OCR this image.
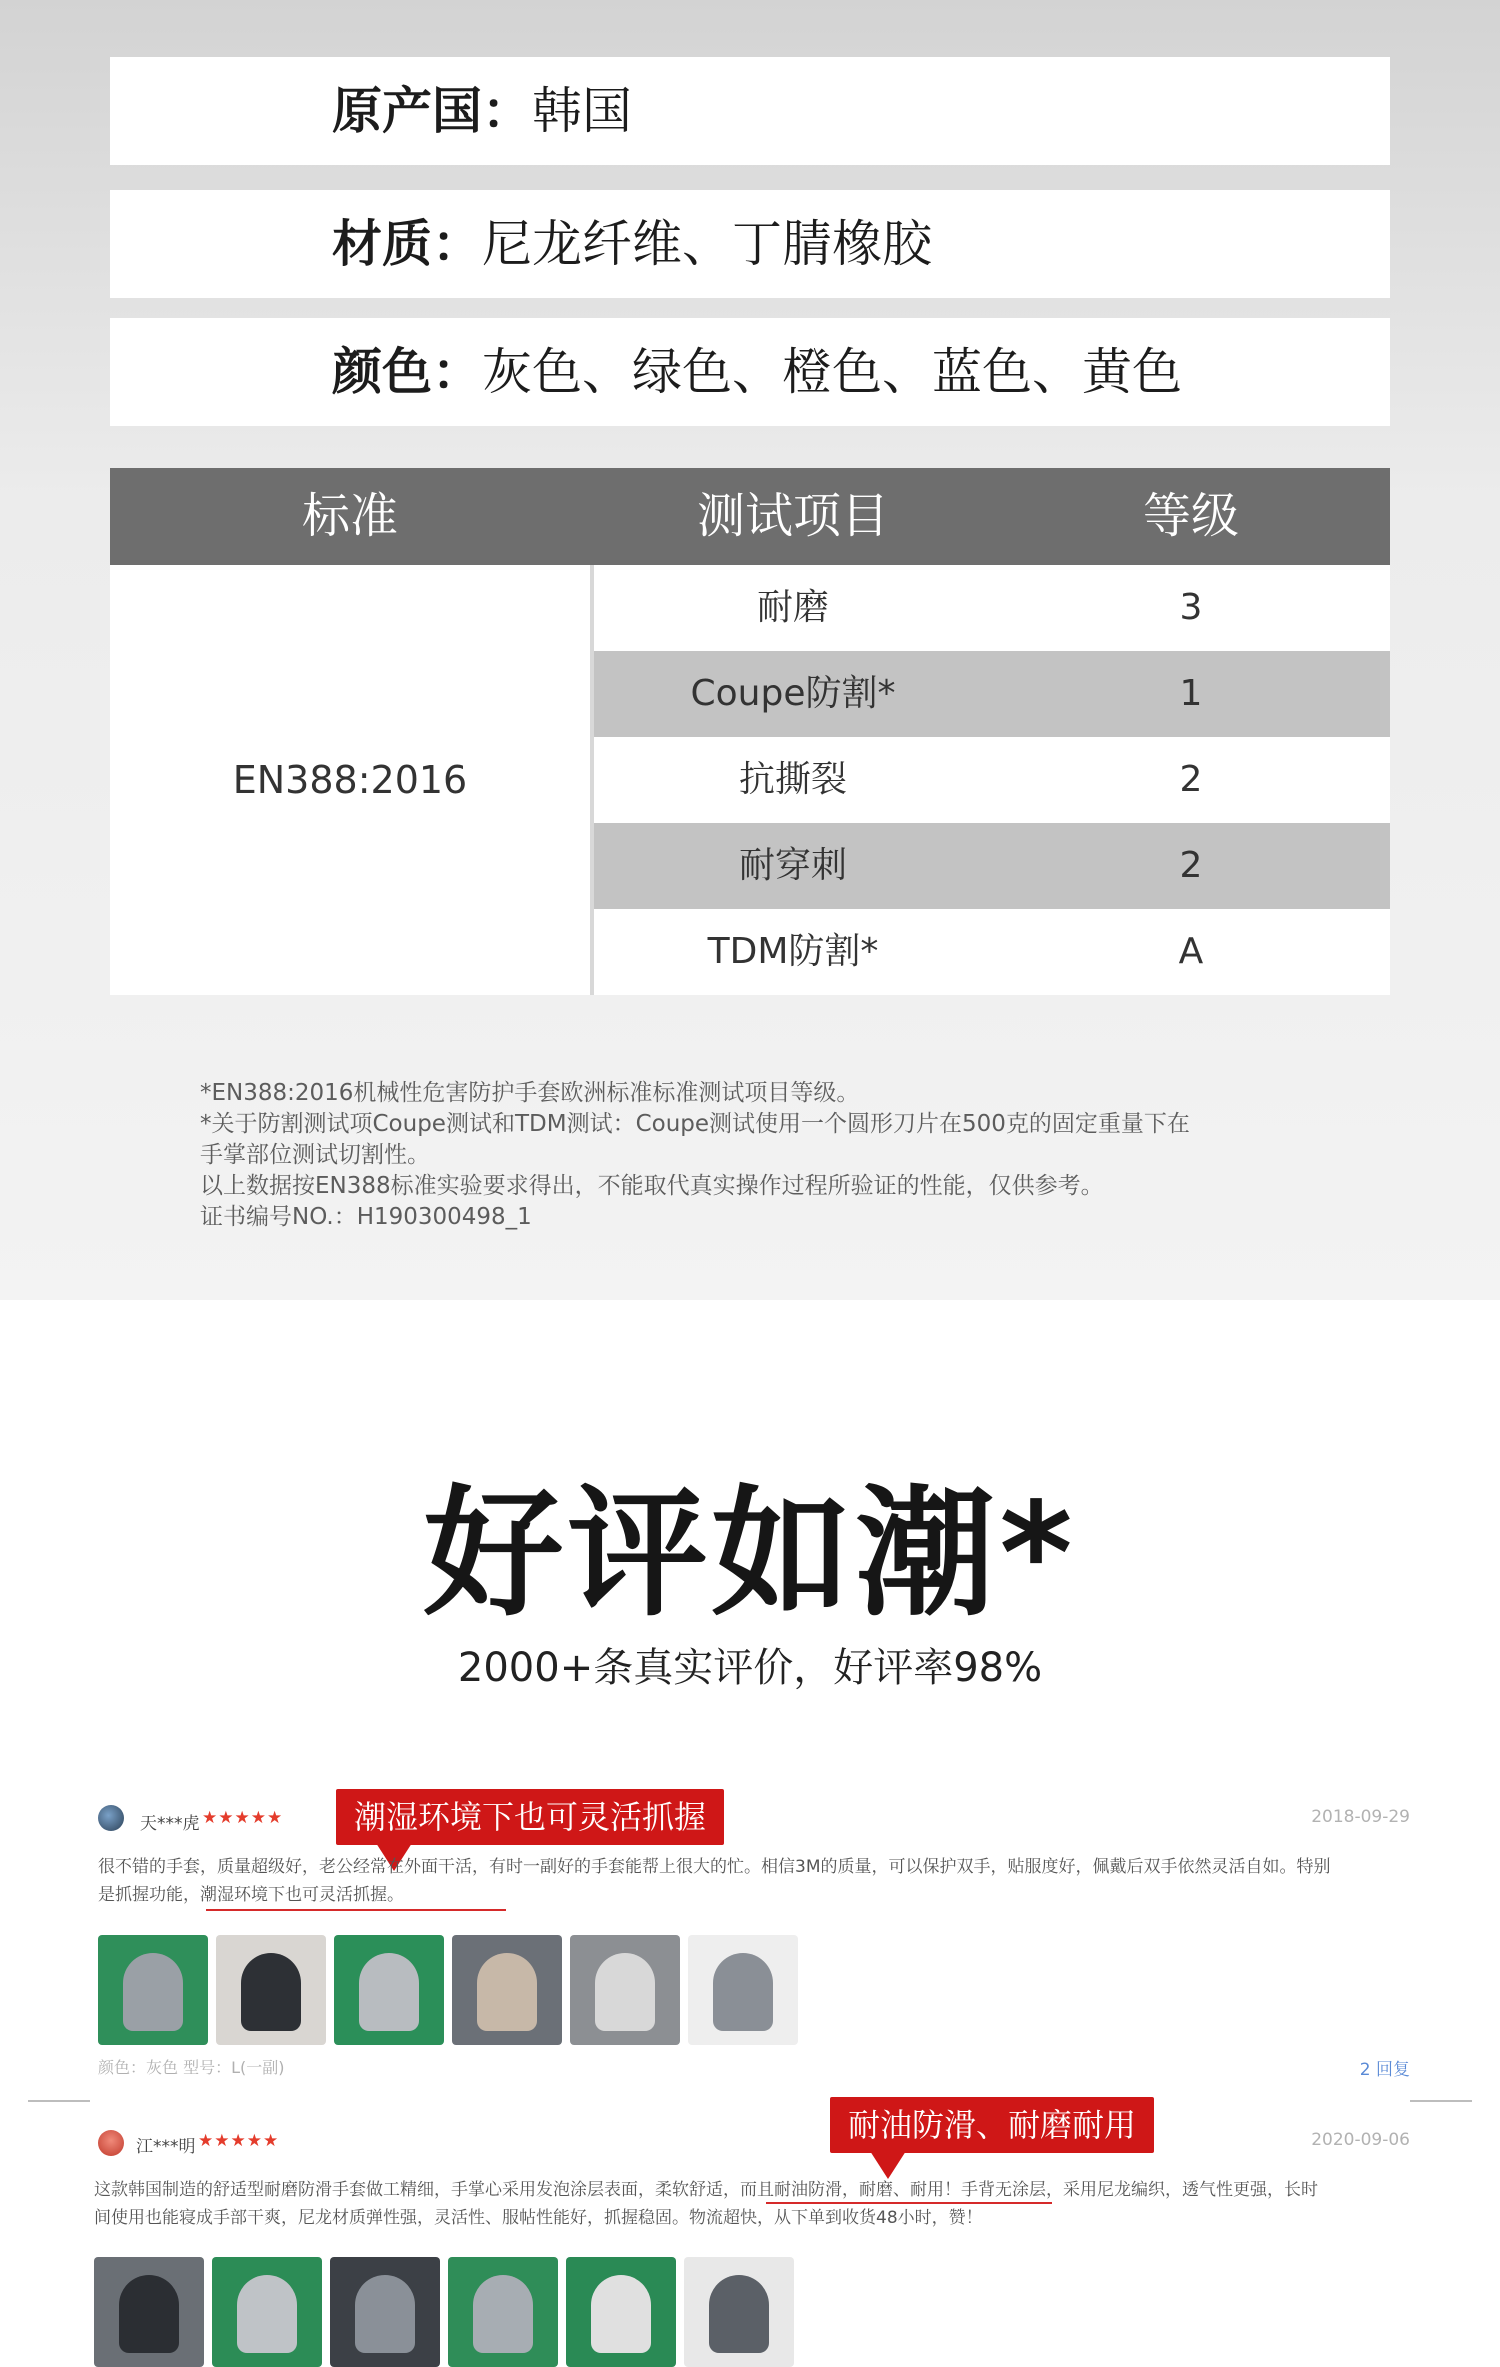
原产国：韩国
材质：尼龙纤维、丁腈橡胶
颜色：灰色、绿色、橙色、蓝色、黄色
标准	测试项目	等级
EN388:2016
耐磨	3
Coupe防割*	1
抗撕裂	2
耐穿刺	2
TDM防割*	A
*EN388:2016机械性危害防护手套欧洲标准标准测试项目等级。
*关于防割测试项Coupe测试和TDM测试：Coupe测试使用一个圆形刀片在500克的固定重量下在
手掌部位测试切割性。
以上数据按EN388标准实验要求得出，不能取代真实操作过程所验证的性能，仅供参考。
证书编号NO.：H190300498_1
好评如潮*
2000+条真实评价，好评率98%
天***虎 ★★★★★	2018-09-29
潮湿环境下也可灵活抓握
很不错的手套，质量超级好，老公经常在外面干活，有时一副好的手套能帮上很大的忙。相信3M的质量，可以保护双手，贴服度好，佩戴后双手依然灵活自如。特别
是抓握功能，潮湿环境下也可灵活抓握。
颜色：灰色 型号：L(一副)	2 回复
江***明 ★★★★★	2020-09-06
耐油防滑、耐磨耐用
这款韩国制造的舒适型耐磨防滑手套做工精细，手掌心采用发泡涂层表面，柔软舒适，而且耐油防滑，耐磨、耐用！手背无涂层，采用尼龙编织，透气性更强，长时
间使用也能寝成手部干爽，尼龙材质弹性强，灵活性、服帖性能好，抓握稳固。物流超快，从下单到收货48小时，赞！
